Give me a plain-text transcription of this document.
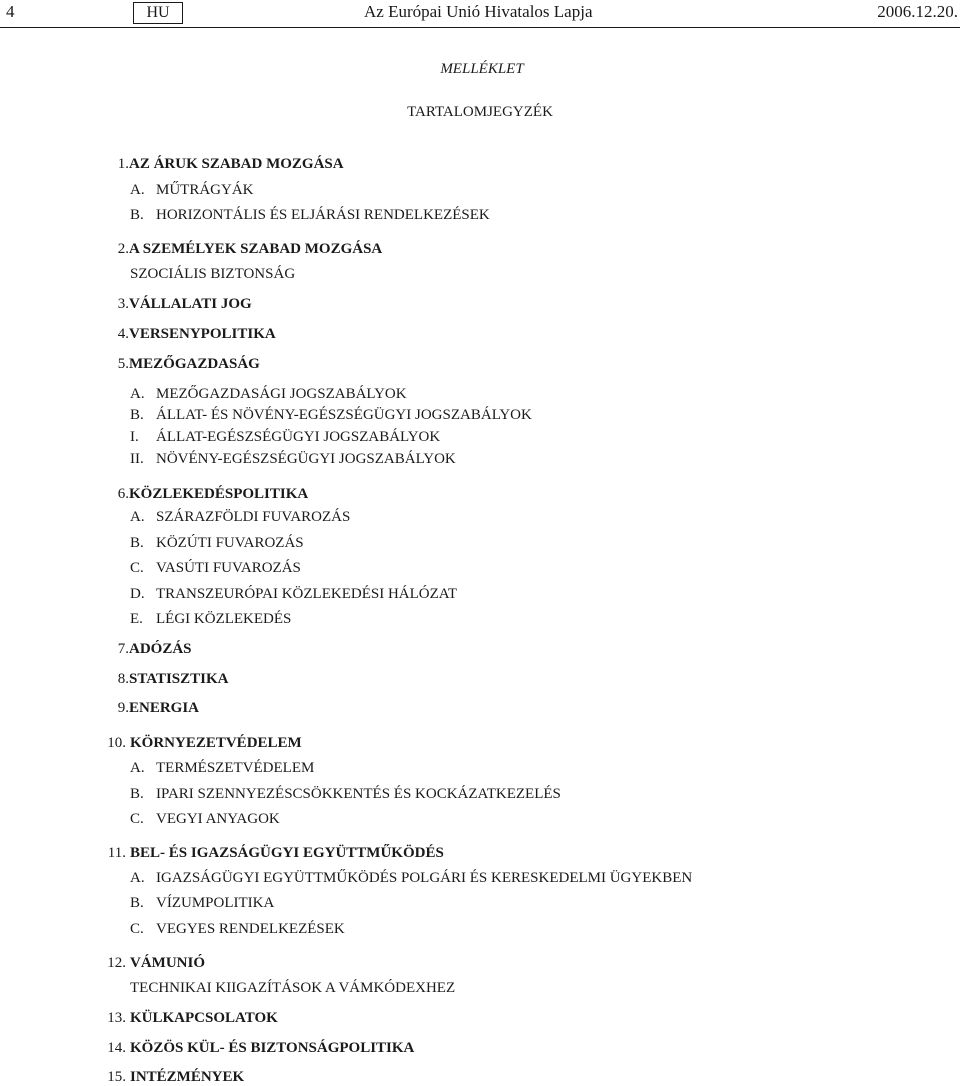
4	HU	Az Európai Unió Hivatalos Lapja	2006.12.20.
MELLÉKLET
TARTALOMJEGYZÉK
1. AZ ÁRUK SZABAD MOZGÁSA
A. MŰTRÁGYÁK
B. HORIZONTÁLIS ÉS ELJÁRÁSI RENDELKEZÉSEK
2. A SZEMÉLYEK SZABAD MOZGÁSA
SZOCIÁLIS BIZTONSÁG
3. VÁLLALATI JOG
4. VERSENYPOLITIKA
5. MEZŐGAZDASÁG
A. MEZŐGAZDASÁGI JOGSZABÁLYOK
B. ÁLLAT- ÉS NÖVÉNY-EGÉSZSÉGÜGYI JOGSZABÁLYOK
I. ÁLLAT-EGÉSZSÉGÜGYI JOGSZABÁLYOK
II. NÖVÉNY-EGÉSZSÉGÜGYI JOGSZABÁLYOK
6. KÖZLEKEDÉSPOLITIKA
A. SZÁRAZFÖLDI FUVAROZÁS
B. KÖZÚTI FUVAROZÁS
C. VASÚTI FUVAROZÁS
D. TRANSZEURÓPAI KÖZLEKEDÉSI HÁLÓZAT
E. LÉGI KÖZLEKEDÉS
7. ADÓZÁS
8. STATISZTIKA
9. ENERGIA
10. KÖRNYEZETVÉDELEM
A. TERMÉSZETVÉDELEM
B. IPARI SZENNYEZÉSCSÖKKENTÉS ÉS KOCKÁZATKEZELÉS
C. VEGYI ANYAGOK
11. BEL- ÉS IGAZSÁGÜGYI EGYÜTTMŰKÖDÉS
A. IGAZSÁGÜGYI EGYÜTTMŰKÖDÉS POLGÁRI ÉS KERESKEDELMI ÜGYEKBEN
B. VÍZUMPOLITIKA
C. VEGYES RENDELKEZÉSEK
12. VÁMUNIÓ
TECHNIKAI KIIGAZÍTÁSOK A VÁMKÓDEXHEZ
13. KÜLKAPCSOLATOK
14. KÖZÖS KÜL- ÉS BIZTONSÁGPOLITIKA
15. INTÉZMÉNYEK
